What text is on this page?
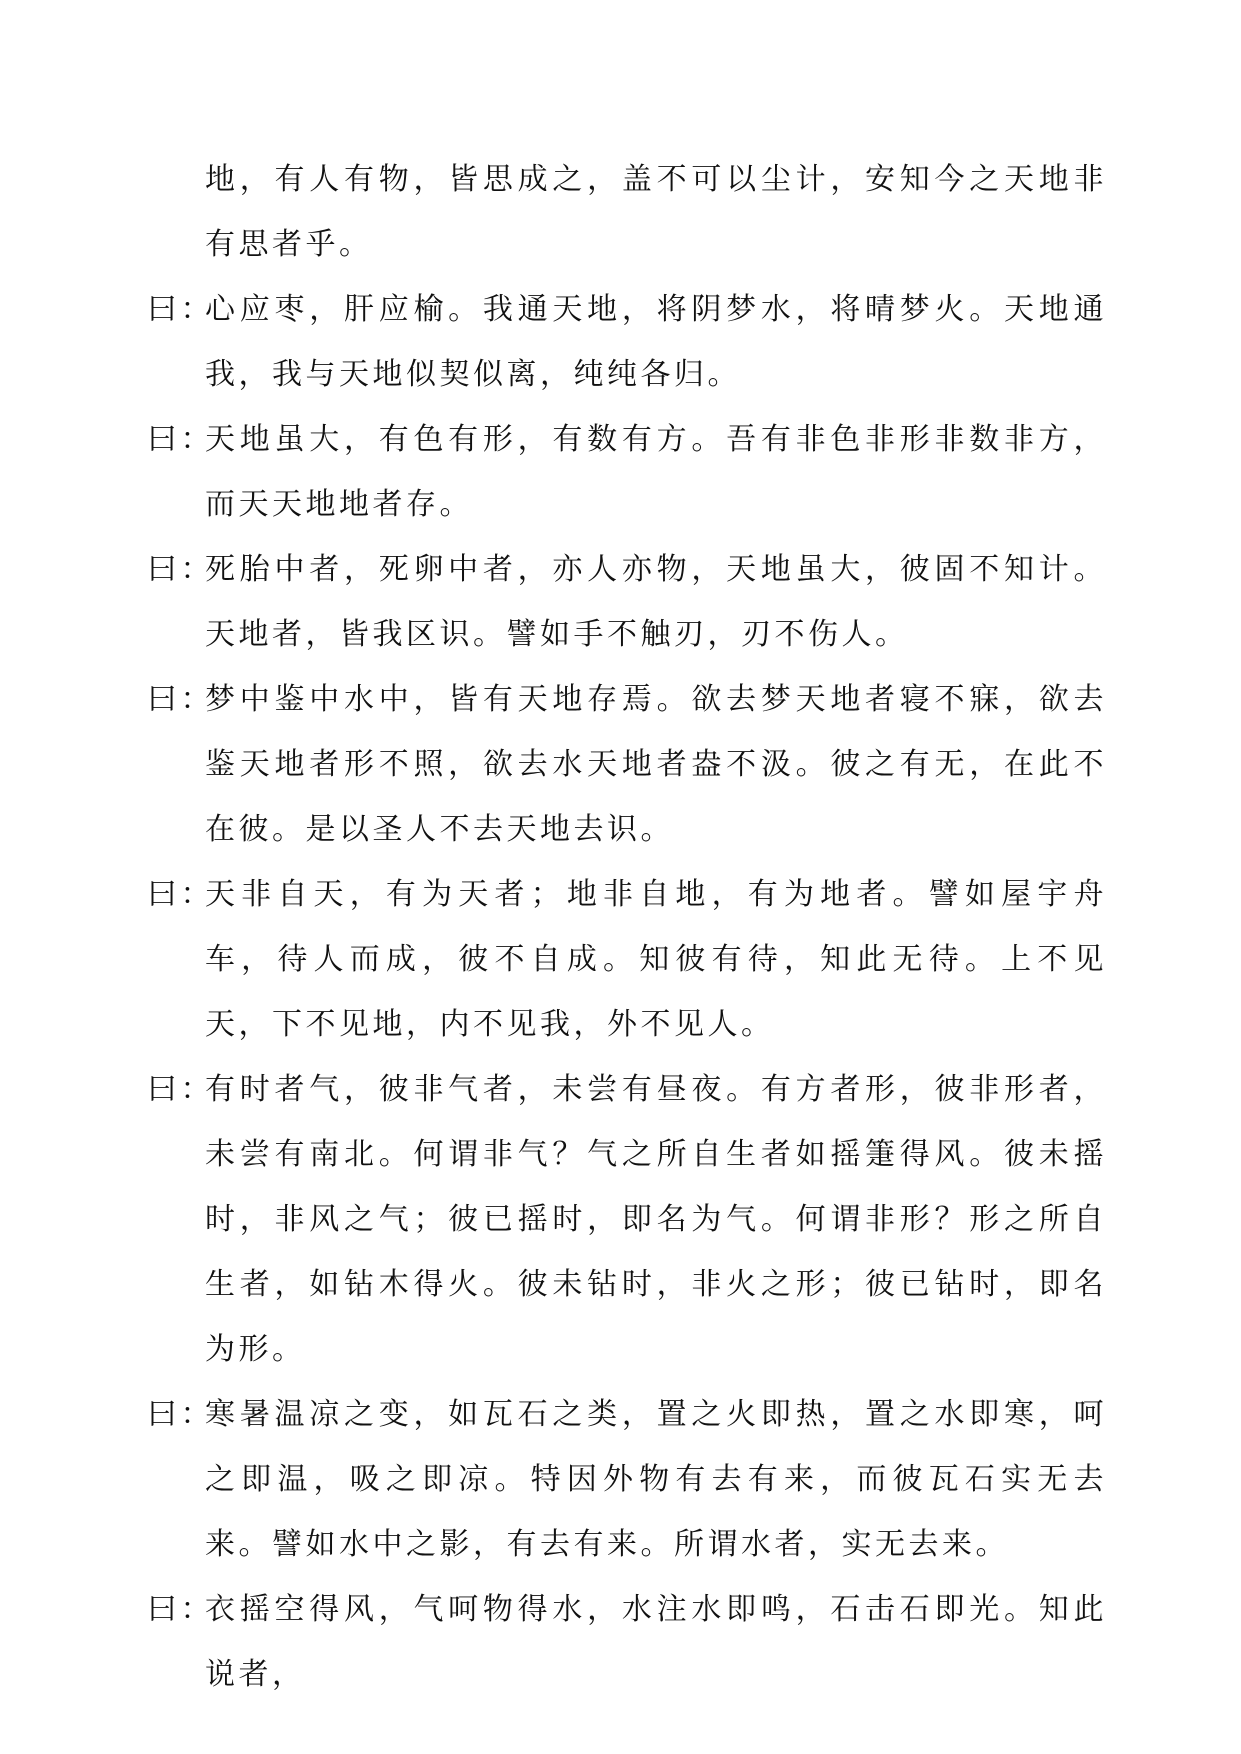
地，有人有物，皆思成之，盖不可以尘计，安知今之天地非有思者乎。
曰：
心应枣，肝应榆。我通天地，将阴梦水，将晴梦火。天地通我，我与天地似契似离，纯纯各归。
曰：
天地虽大，有色有形，有数有方。吾有非色非形非数非方，而天天地地者存。
曰：
死胎中者，死卵中者，亦人亦物，天地虽大，彼固不知计。天地者，皆我区识。譬如手不触刃，刃不伤人。
曰：
梦中鉴中水中，皆有天地存焉。欲去梦天地者寝不寐，欲去鉴天地者形不照，欲去水天地者盎不汲。彼之有无，在此不在彼。是以圣人不去天地去识。
曰：
天非自天，有为天者；地非自地，有为地者。譬如屋宇舟车，待人而成，彼不自成。知彼有待，知此无待。上不见天，下不见地，内不见我，外不见人。
曰：
有时者气，彼非气者，未尝有昼夜。有方者形，彼非形者，未尝有南北。何谓非气？气之所自生者如摇箑得风。彼未摇时，非风之气；彼已摇时，即名为气。何谓非形？形之所自生者，如钻木得火。彼未钻时，非火之形；彼已钻时，即名为形。
曰：
寒暑温凉之变，如瓦石之类，置之火即热，置之水即寒，呵之即温，吸之即凉。特因外物有去有来，而彼瓦石实无去来。譬如水中之影，有去有来。所谓水者，实无去来。
曰：
衣摇空得风，气呵物得水，水注水即鸣，石击石即光。知此说者，
